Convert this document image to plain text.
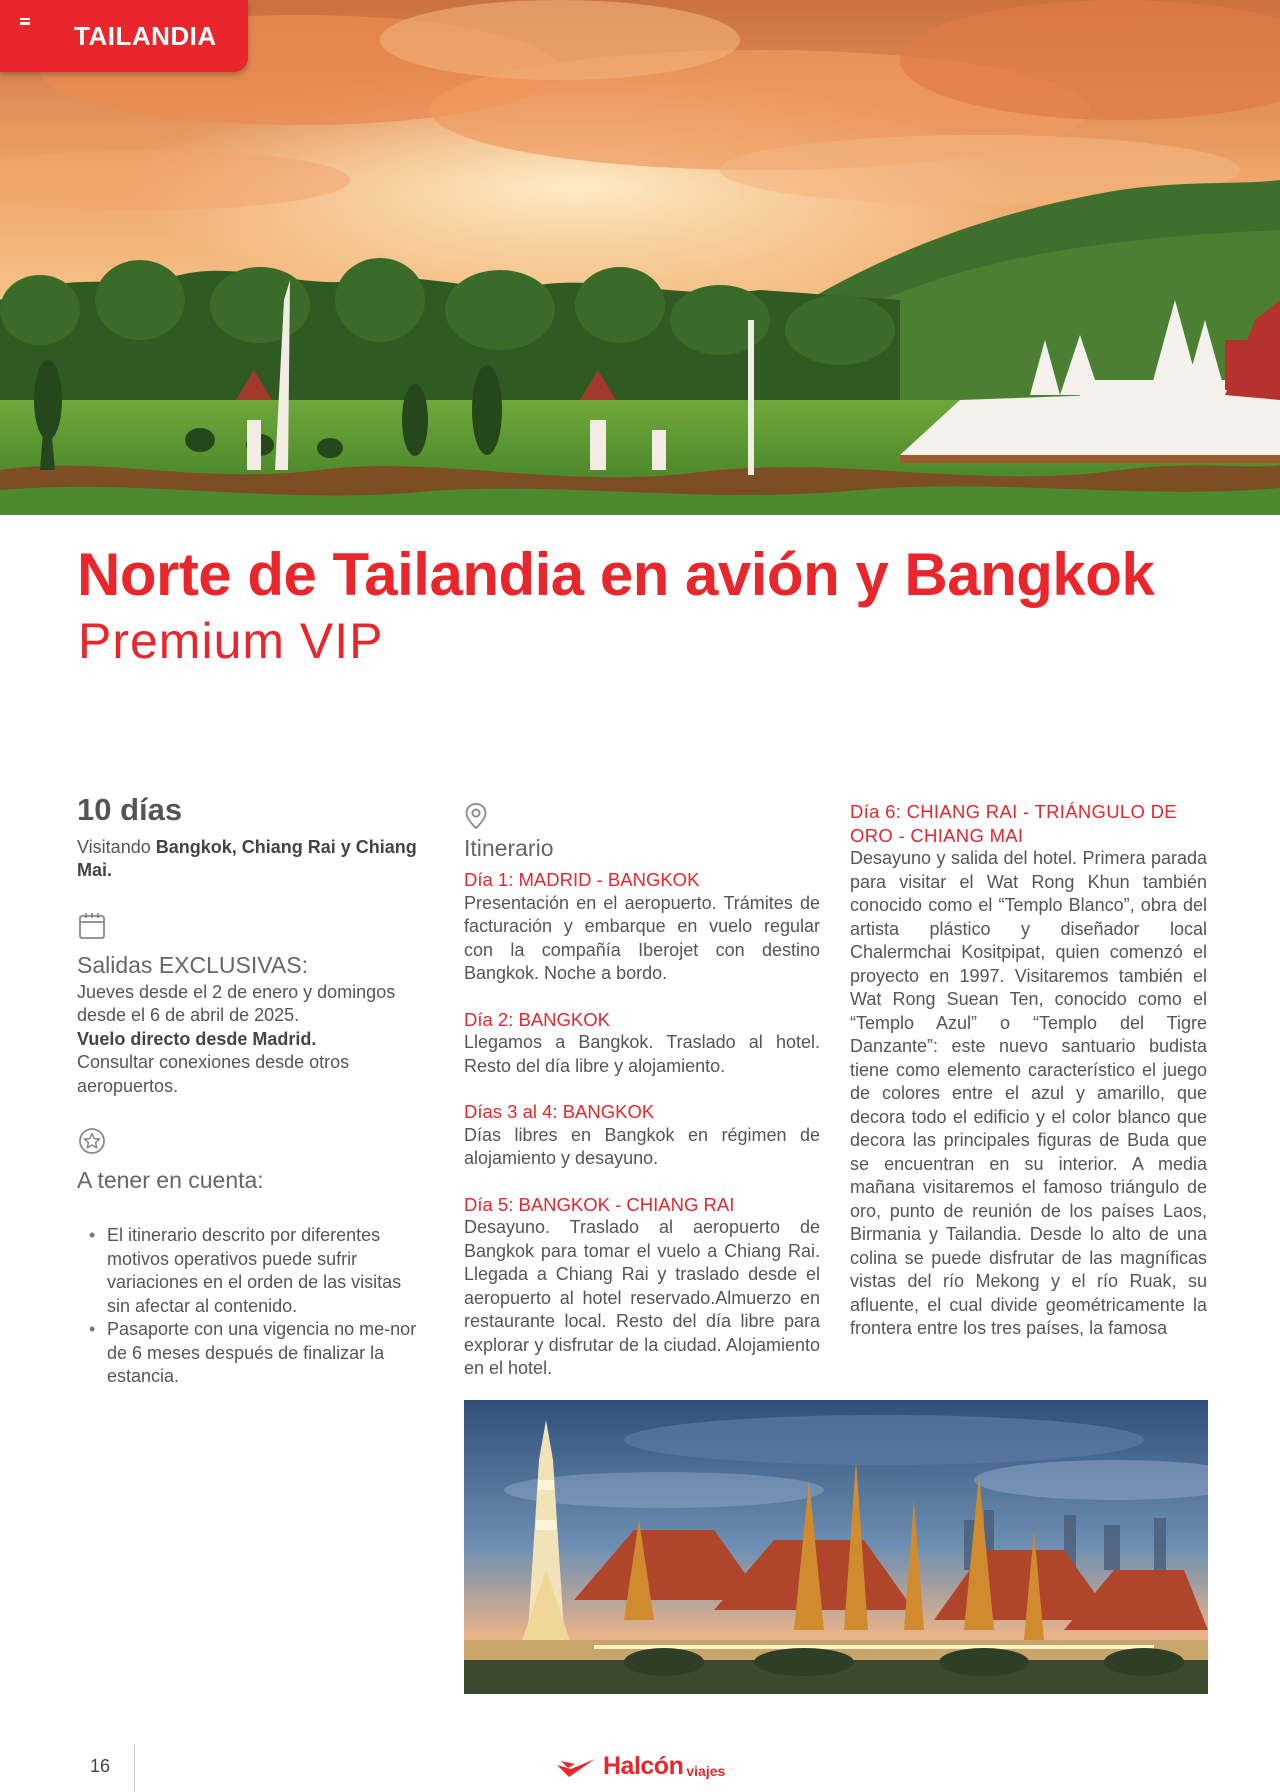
TAILANDIA
Norte de Tailandia en avión y Bangkok
Premium VIP
10 días

Visitando Bangkok, Chiang Rai y Chiang Mai.

Salidas EXCLUSIVAS:

Jueves desde el 2 de enero y domingos desde el 6 de abril de 2025.
Vuelo directo desde Madrid.
Consultar conexiones desde otros aeropuertos.

A tener en cuenta:
• El itinerario descrito por diferentes motivos operativos puede sufrir variaciones en el orden de las visitas sin afectar al contenido.
• Pasaporte con una vigencia no me-nor de 6 meses después de finalizar la estancia.
Itinerario
Día 1: MADRID - BANGKOK

Presentación en el aeropuerto. Trámites de facturación y embarque en vuelo regular con la compañía Iberojet con destino Bangkok. Noche a bordo.

Día 2: BANGKOK

Llegamos a Bangkok. Traslado al hotel. Resto del día libre y alojamiento.

Días 3 al 4: BANGKOK

Días libres en Bangkok en régimen de alojamiento y desayuno.

Día 5: BANGKOK - CHIANG RAI

Desayuno. Traslado al aeropuerto de Bangkok para tomar el vuelo a Chiang Rai. Llegada a Chiang Rai y traslado desde el aeropuerto al hotel reservado.Almuerzo en restaurante local. Resto del día libre para explorar y disfrutar de la ciudad. Alojamiento en el hotel.

Día 6: CHIANG RAI - TRIÁNGULO DE ORO - CHIANG MAI

Desayuno y salida del hotel. Primera parada para visitar el Wat Rong Khun también conocido como el “Templo Blanco”, obra del artista plástico y diseñador local Chalermchai Kositpipat, quien comenzó el proyecto en 1997. Visitaremos también el Wat Rong Suean Ten, conocido como el “Templo Azul” o “Templo del Tigre Danzante”: este nuevo santuario budista tiene como elemento característico el juego de colores entre el azul y amarillo, que decora todo el edificio y el color blanco que decora las principales figuras de Buda que se encuentran en su interior. A media mañana visitaremos el famoso triángulo de oro, punto de reunión de los países Laos, Birmania y Tailandia. Desde lo alto de una colina se puede disfrutar de las magníficas vistas del río Mekong y el río Ruak, su afluente, el cual divide geométricamente la frontera entre los tres países, la famosa

16	Halcón viajes
